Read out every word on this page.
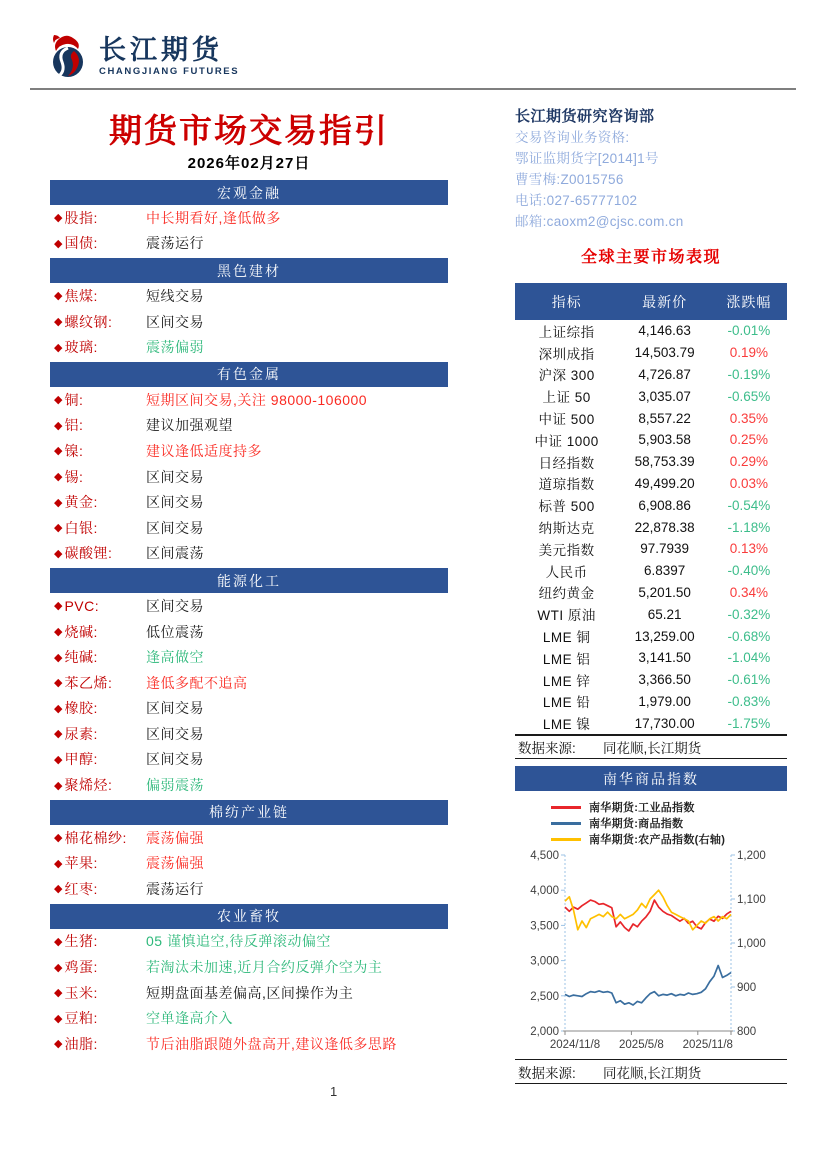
长江期货
CHANGJIANG FUTURES
期货市场交易指引
2026年02月27日
宏观金融
◆ 股指:	中长期看好,逢低做多
◆ 国债:	震荡运行
黑色建材
◆ 焦煤:	短线交易
◆ 螺纹钢: 区间交易
◆ 玻璃:	震荡偏弱
有色金属
◆ 铜:	短期区间交易,关注 98000-106000
◆ 铝:	建议加强观望
◆ 镍:	建议逢低适度持多
◆ 锡:	区间交易
◆ 黄金:	区间交易
◆ 白银:	区间交易
◆ 碳酸锂: 区间震荡
能源化工
◆ PVC:	区间交易
◆ 烧碱:	低位震荡
◆ 纯碱:	逢高做空
◆ 苯乙烯: 逢低多配不追高
◆ 橡胶:	区间交易
◆ 尿素:	区间交易
◆ 甲醇:	区间交易
◆ 聚烯烃: 偏弱震荡
棉纺产业链
◆ 棉花棉纱: 震荡偏强
◆ 苹果:	震荡偏强
◆ 红枣:	震荡运行
农业畜牧
◆ 生猪:	05 谨慎追空,待反弹滚动偏空
◆ 鸡蛋:	若淘汰未加速,近月合约反弹介空为主
◆ 玉米:	短期盘面基差偏高,区间操作为主
◆ 豆粕:	空单逢高介入
◆ 油脂:	节后油脂跟随外盘高开,建议逢低多思路
长江期货研究咨询部
交易咨询业务资格:
鄂证监期货字[2014]1号
曹雪梅:Z0015756
电话:027-65777102
邮箱:caoxm2@cjsc.com.cn
全球主要市场表现
指标	最新价	涨跌幅
上证综指	4,146.63	-0.01%
深圳成指	14,503.79	0.19%
沪深 300	4,726.87	-0.19%
上证 50	3,035.07	-0.65%
中证 500	8,557.22	0.35%
中证 1000	5,903.58	0.25%
日经指数	58,753.39	0.29%
道琼指数	49,499.20	0.03%
标普 500	6,908.86	-0.54%
纳斯达克	22,878.38	-1.18%
美元指数	97.7939	0.13%
人民币	6.8397	-0.40%
纽约黄金	5,201.50	0.34%
WTI 原油	65.21	-0.32%
LME 铜	13,259.00	-0.68%
LME 铝	3,141.50	-1.04%
LME 锌	3,366.50	-0.61%
LME 铅	1,979.00	-0.83%
LME 镍	17,730.00	-1.75%
数据来源: 同花顺,长江期货
南华商品指数
南华期货:工业品指数
南华期货:商品指数
南华期货:农产品指数(右轴)
2,000
2,500
3,000
3,500
4,000
4,500
800
900
1,000
1,100
1,200
2024/11/8 2025/5/8 2025/11/8
数据来源: 同花顺,长江期货
1
